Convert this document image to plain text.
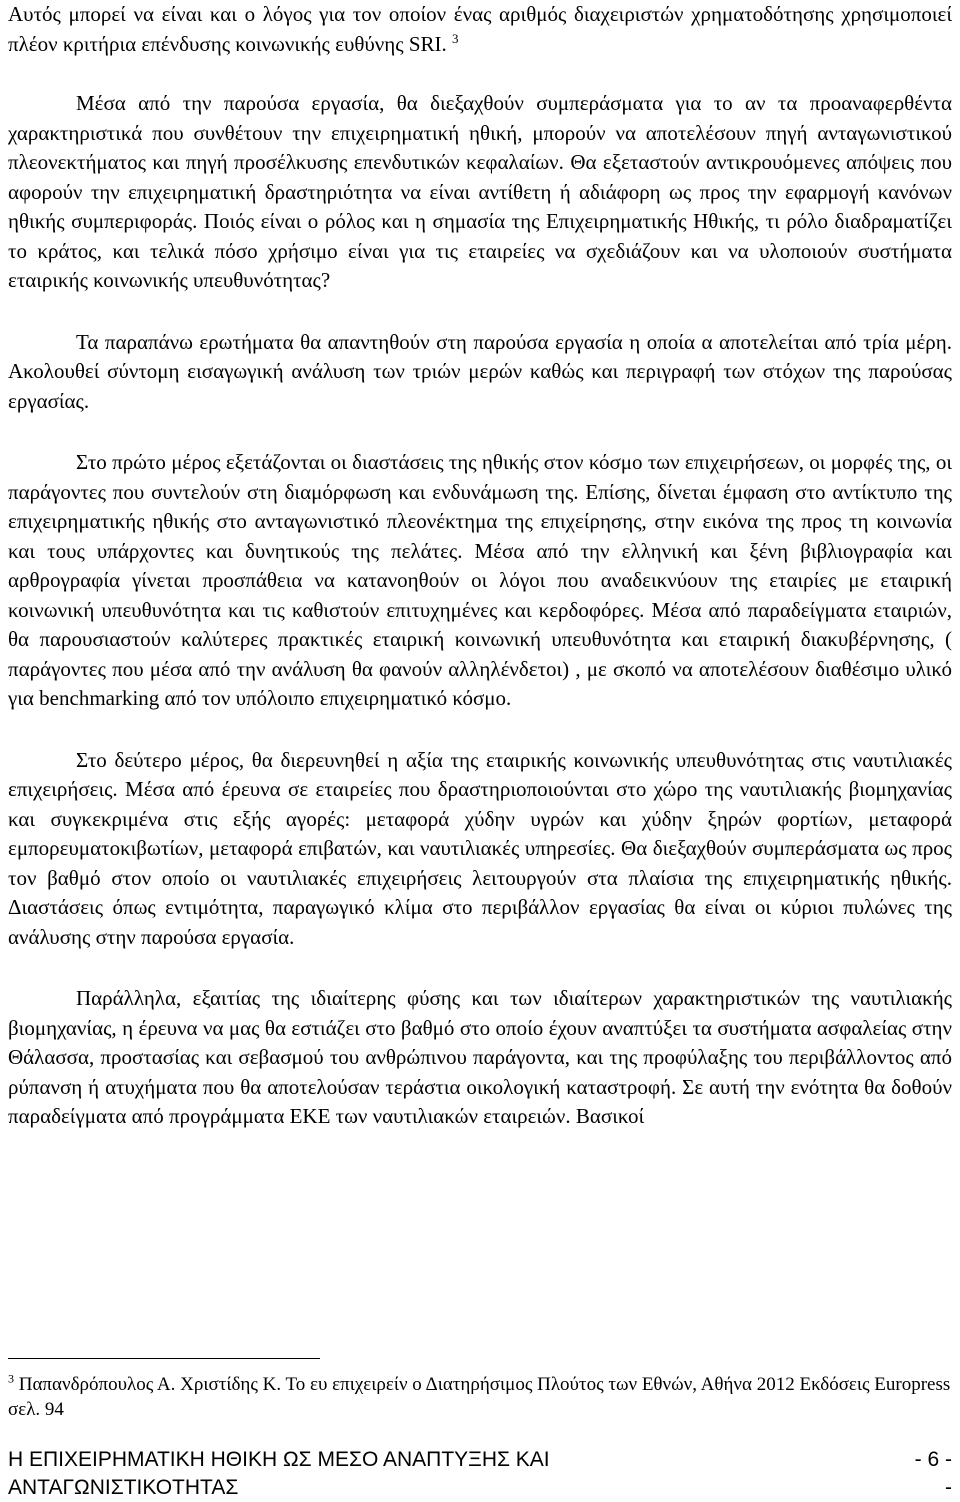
Αυτός μπορεί να είναι και ο λόγος για τον οποίον ένας αριθμός διαχειριστών χρηματοδότησης χρησιμοποιεί πλέον κριτήρια επένδυσης κοινωνικής ευθύνης SRI. $^3$

Μέσα από την παρούσα εργασία, θα διεξαχθούν συμπεράσματα για το αν τα προαναφερθέντα χαρακτηριστικά που συνθέτουν την επιχειρηματική ηθική, μπορούν να αποτελέσουν πηγή ανταγωνιστικού πλεονεκτήματος και πηγή προσέλκυσης επενδυτικών κεφαλαίων. Θα εξεταστούν αντικρουόμενες απόψεις που αφορούν την επιχειρηματική δραστηριότητα να είναι αντίθετη ή αδιάφορη ως προς την εφαρμογή κανόνων ηθικής συμπεριφοράς. Ποιός είναι ο ρόλος και η σημασία της Επιχειρηματικής Ηθικής, τι ρόλο διαδραματίζει το κράτος, και τελικά πόσο χρήσιμο είναι για τις εταιρείες να σχεδιάζουν και να υλοποιούν συστήματα εταιρικής κοινωνικής υπευθυνότητας?

Τα παραπάνω ερωτήματα θα απαντηθούν στη παρούσα εργασία η οποία α αποτελείται από τρία μέρη. Ακολουθεί σύντομη εισαγωγική ανάλυση των τριών μερών καθώς και περιγραφή των στόχων της παρούσας εργασίας.

Στο πρώτο μέρος εξετάζονται οι διαστάσεις της ηθικής στον κόσμο των επιχειρήσεων, οι μορφές της, οι παράγοντες που συντελούν στη διαμόρφωση και ενδυνάμωση της. Επίσης, δίνεται έμφαση στο αντίκτυπο της επιχειρηματικής ηθικής στο ανταγωνιστικό πλεονέκτημα της επιχείρησης, στην εικόνα της προς τη κοινωνία και τους υπάρχοντες και δυνητικούς της πελάτες. Μέσα από την ελληνική και ξένη βιβλιογραφία και αρθρογραφία γίνεται προσπάθεια να κατανοηθούν οι λόγοι που αναδεικνύουν της εταιρίες με εταιρική κοινωνική υπευθυνότητα και τις καθιστούν επιτυχημένες και κερδοφόρες. Μέσα από παραδείγματα εταιριών, θα παρουσιαστούν καλύτερες πρακτικές εταιρική κοινωνική υπευθυνότητα και εταιρική διακυβέρνησης, ( παράγοντες που μέσα από την ανάλυση θα φανούν αλληλένδετοι) , με σκοπό να αποτελέσουν διαθέσιμο υλικό για benchmarking από τον υπόλοιπο επιχειρηματικό κόσμο.

Στο δεύτερο μέρος, θα διερευνηθεί η αξία της εταιρικής κοινωνικής υπευθυνότητας στις ναυτιλιακές επιχειρήσεις. Μέσα από έρευνα σε εταιρείες που δραστηριοποιούνται στο χώρο της ναυτιλιακής βιομηχανίας και συγκεκριμένα στις εξής αγορές: μεταφορά χύδην υγρών και χύδην ξηρών φορτίων, μεταφορά εμπορευματοκιβωτίων, μεταφορά επιβατών, και ναυτιλιακές υπηρεσίες. Θα διεξαχθούν συμπεράσματα ως προς τον βαθμό στον οποίο οι ναυτιλιακές επιχειρήσεις λειτουργούν στα πλαίσια της επιχειρηματικής ηθικής. Διαστάσεις όπως εντιμότητα, παραγωγικό κλίμα στο περιβάλλον εργασίας θα είναι οι κύριοι πυλώνες της ανάλυσης στην παρούσα εργασία.

Παράλληλα, εξαιτίας της ιδιαίτερης φύσης και των ιδιαίτερων χαρακτηριστικών της ναυτιλιακής βιομηχανίας, η έρευνα να μας θα εστιάζει στο βαθμό στο οποίο έχουν αναπτύξει τα συστήματα ασφαλείας στην Θάλασσα, προστασίας και σεβασμού του ανθρώπινου παράγοντα, και της προφύλαξης του περιβάλλοντος από ρύπανση ή ατυχήματα που θα αποτελούσαν τεράστια οικολογική καταστροφή. Σε αυτή την ενότητα θα δοθούν παραδείγματα από προγράμματα ΕΚΕ των ναυτιλιακών εταιρειών. Βασικοί

$^3$ Παπανδρόπουλος Α. Χριστίδης Κ. Το ευ επιχειρείν ο Διατηρήσιμος Πλούτος των Εθνών, Αθήνα 2012 Εκδόσεις Europress σελ. 94
Η ΕΠΙΧΕΙΡΗΜΑΤΙΚΗ ΗΘΙΚΗ ΩΣ ΜΕΣΟ ΑΝΑΠΤΥΞΗΣ ΚΑΙ	- 6 -
ΑΝΤΑΓΩΝΙΣΤΙΚΟΤΗΤΑΣ	-
